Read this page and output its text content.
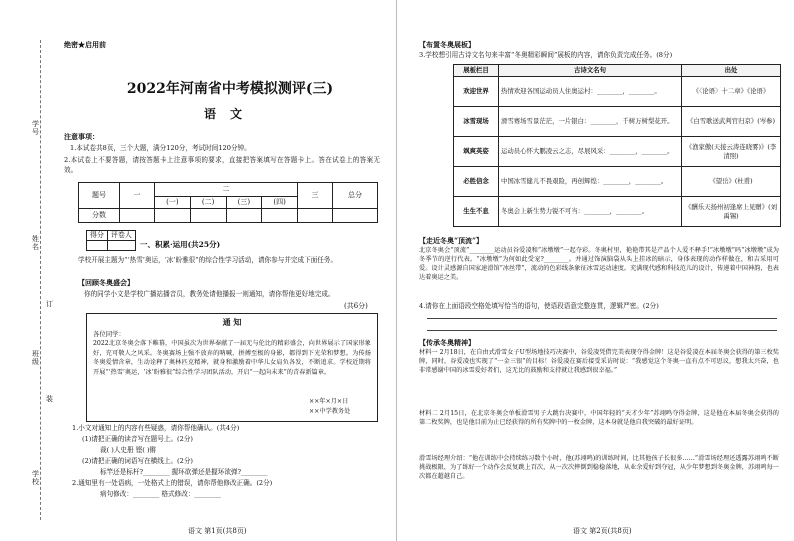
绝密★启用前
学号
姓名
订
班级
装
学校
2022年河南省中考模拟测评(三)
语文
注意事项：
1.本试卷共8页，三个大题，满分120分，考试时间120分钟。
2.本试卷上不要答题，请按答题卡上注意事项的要求，直接把答案填写在答题卡上。答在试卷上的答案无效。
题号	一	二				三	总分
		(一)	(二)	(三)	(四)		
分数							
得分	评卷人

一、积累·运用(共25分)
学校开展主题为“‘热雪’奥运，‘冰’盼雅很”的综合性学习活动，请你参与并完成下面任务。
【回顾冬奥盛会】
你的同学小文是学校广播站播音员，教务处请他播报一则通知，请你帮他更好地完成。
(共6分)
通 知
各位同学：
2022北京冬奥会落下帷幕，中国虽次为世界奉献了一届无与伦比的精彩盛会，向世界展示了国家形象好，充可敬人之风采。冬奥赛场上强不放弃的呐喊，拼搏至极的身影，都得到下光荣和梦想。为传扬冬奥爱情含章，生动诠释了奥林匹克精神，就身和激励着中华儿女肩负各发，不断追求。学校近期将开展“‘热雪’奥运，‘冰’盼雅很”综合性学习团队活动，开启“一起向未来”的青春新篇章。
××年×月×日
××中学教务处
1.小文对通知上的内容有些疑惑，请你帮他确认。(共4分)
(1)请把正确的读音写在题号上。(2分)
裁( )人史册 铿( )锵
(2)请把正确的词语写在横线上。(2分)
标竿还是标杆?________ 握环欲弹还是握环欲弹?________
2.通知里有一处语病，一处格式上的错误，请你帮他修改正确。(2分)
病句修改：________ 格式修改：________
语文 第1页(共8页)
【布置冬奥展板】
3.学校想引用古诗文名句来丰富“冬奥精彩瞬间”展板的内容，请你负责完成任务。(8分)
展板栏目	古诗文名句	出处
欢迎世界	热情欢迎各国运动员人住奥运村：________，________。	《〈论语〉十二章》《论语》
冰雪现场	滑雪赛场雪景茫茫，一片银白：________，千树万树梨花开。	《白雪歌送武判官归京》(岑参)
飒爽英姿	运动员心怀大鹏凌云之志，尽展风采：________，________。	《渔家傲(天接云涛连晓雾)》(李清照)
必胜信念	中国冰雪健儿不畏艰险，再创辉煌：________，________。	《望岳》(杜甫)
生生不息	冬奥会上新生势力锐不可当：________，________。	《酬乐天扬州初逢席上见赠》(刘禹锡)
【走近冬奥“顶流”】
北京冬奥会“顶流”________运动员谷爱凌和“冰墩墩”一起夺彩。冬奥村里，艳艳带其是产品个人爱不释手!“冰墩墩”吗“冰墩墩”成为冬季节的逆行代表。“冰墩墩”为何如此受宠?________。并通过饰演脑袋从头上挂冰的暗示，身体表现的动作样做在，和吉采用可爱。设计灵感源自国家速滑馆“冰丝带”，流动的色彩线条象征冰雪运动速度。充满现代感和科技范儿的设计，传递着中国神韵，也表达着奥运之美。
4.请你在上面语段空格处填写恰当的语句，使语段语意完整连贯，逻辑严密。(2分)
【传承冬奥精神】
材料一 2月18日，在自由式滑雪女子U型场地技巧决赛中，谷爱凌凭借完美表现夺得金牌！这是谷爱凌在本届冬奥会获得的第三枚奖牌，同时，谷爱凌也实现了“一金三银”的目标！谷爱凌在赛后接受采访时说：“我感觉这个冬奥一直有点不可思议，想我太兴奋，也非常感谢中国的冰雪爱好者们，这无比的鼓励和支持就让我感到很幸福。”
材料二 2月15日，在北京冬奥会单板滑雪男子大跳台决赛中，中国年轻的“天才少年”苏翊鸣夺得金牌，这是他在本届冬奥会获得的第二枚奖牌，也是他目前为止已经获得的所有奖牌中的一枚金牌，这本身就是他自我突破的最好证明。
滑雪场经理介绍：“他在训练中会持续练习数个小时，他(苏翊鸣)的训练时间，比其他孩子长很多……”滑雪场经理还透露苏翊鸣不断挑战极限，为了练好一个动作会反复跳上百次，从一次次摔倒到稳稳落地，从业余爱好到夺冠，从少年梦想到冬奥金牌，苏翊鸣每一次都在超越自己。
语文 第2页(共8页)
